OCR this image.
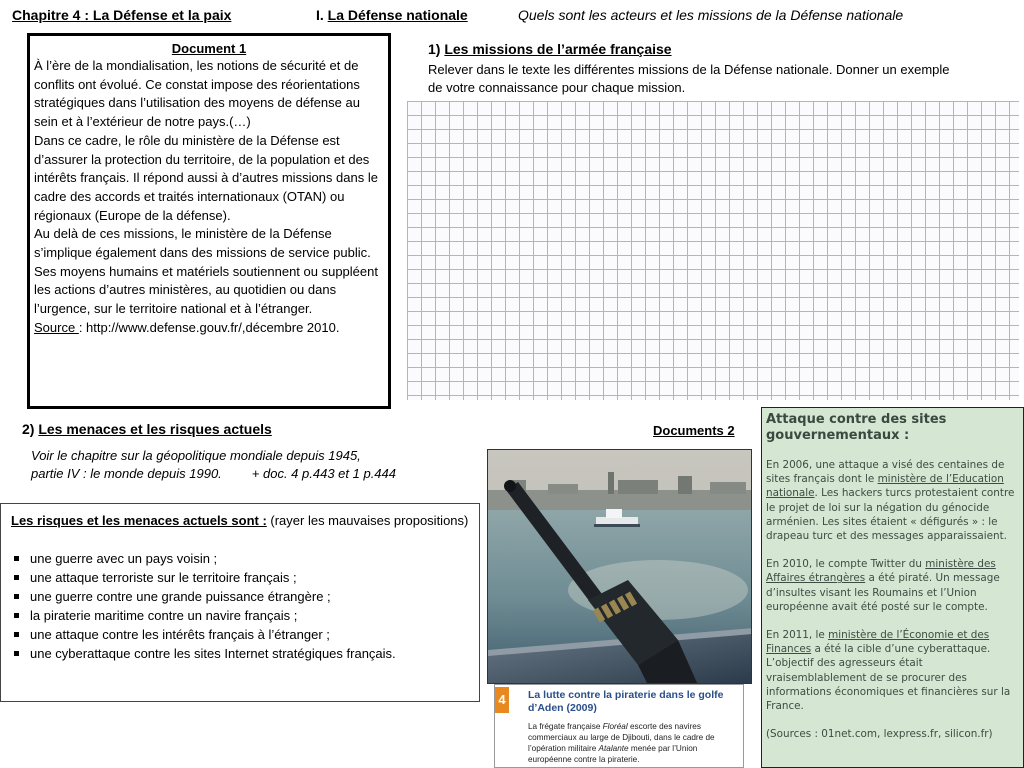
Chapitre 4 : La Défense et la paix	I. La Défense nationale	Quels sont les acteurs et les missions de la Défense nationale
Document 1

À l’ère de la mondialisation, les notions de sécurité et de conflits ont évolué. Ce constat impose des réorientations stratégiques dans l’utilisation des moyens de défense au sein et à l’extérieur de notre pays.(…)

Dans ce cadre, le rôle du ministère de la Défense est d’assurer la protection du territoire, de la population et des intérêts français. Il répond aussi à d’autres missions dans le cadre des accords et traités internationaux (OTAN) ou régionaux (Europe de la défense).

Au delà de ces missions, le ministère de la Défense s’implique également dans des missions de service public. Ses moyens humains et matériels soutiennent ou suppléent les actions d’autres ministères, au quotidien ou dans l’urgence, sur le territoire national et à l’étranger.

Source : http://www.defense.gouv.fr/,décembre 2010.

1) Les missions de l’armée française
Relever dans le texte les différentes missions de la Défense nationale. Donner un exemple de votre connaissance pour chaque mission.
2) Les menaces et les risques actuels
Voir le chapitre sur la géopolitique mondiale depuis 1945,
partie IV : le monde depuis 1990. + doc. 4 p.443 et 1 p.444
Documents 2
Les risques et les menaces actuels sont : (rayer les mauvaises propositions)
une guerre avec un pays voisin ;
une attaque terroriste sur le territoire français ;
une guerre contre une grande puissance étrangère ;
la piraterie maritime contre un navire français ;
une attaque contre les intérêts français à l’étranger ;
une cyberattaque contre les sites Internet stratégiques français.
4	La lutte contre la piraterie dans le golfe d’Aden (2009)
La frégate française Floréal escorte des navires commerciaux au large de Djibouti, dans le cadre de l’opération militaire Atalante menée par l’Union européenne contre la piraterie.
Attaque contre des sites gouvernementaux :
En 2006, une attaque a visé des centaines de sites français dont le ministère de l’Education nationale. Les hackers turcs protestaient contre le projet de loi sur la négation du génocide arménien. Les sites étaient « défigurés » : le drapeau turc et des messages apparaissaient.
En 2010, le compte Twitter du ministère des Affaires étrangères a été piraté. Un message d’insultes visant les Roumains et l’Union européenne avait été posté sur le compte.
En 2011, le ministère de l’Économie et des Finances a été la cible d’une cyberattaque. L’objectif des agresseurs était vraisemblablement de se procurer des informations économiques et financières sur la France.
(Sources : 01net.com, lexpress.fr, silicon.fr)
